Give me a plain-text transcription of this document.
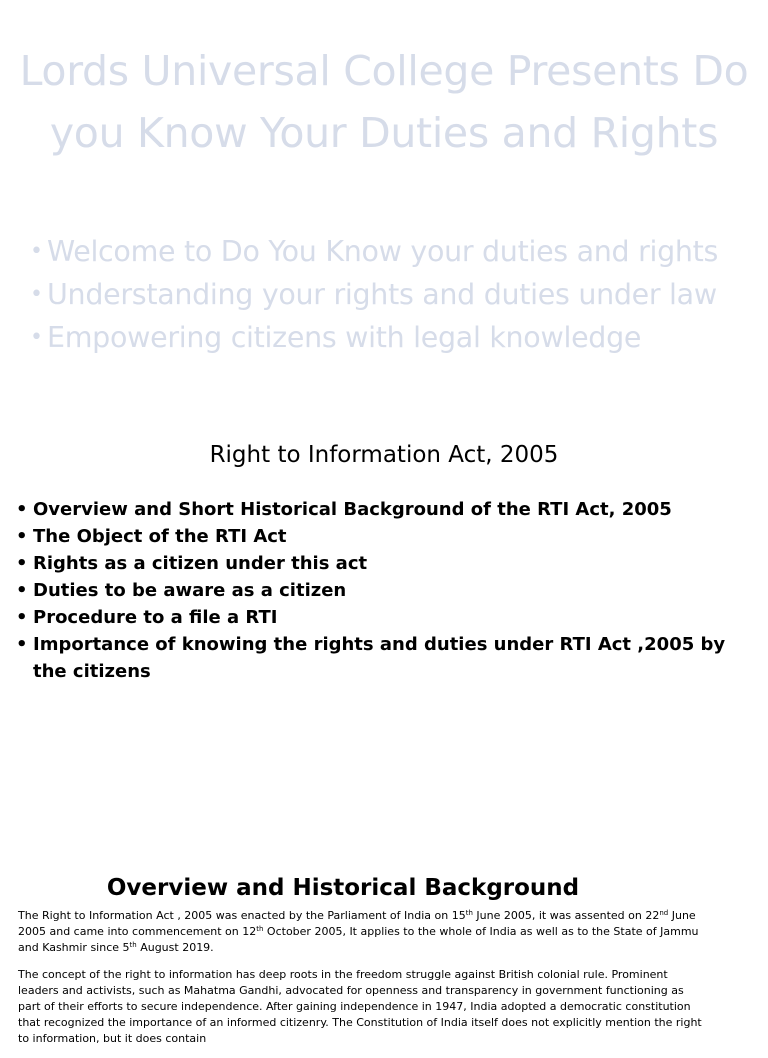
Lords Universal College Presents Do you Know Your Duties and Rights
• Welcome to Do You Know your duties and rights
• Understanding your rights and duties under law
• Empowering citizens with legal knowledge
Right to Information Act, 2005
• Overview and Short Historical Background of the RTI Act, 2005
• The Object of the RTI Act
• Rights as a citizen under this act
• Duties to be aware as a citizen
• Procedure to a file a RTI
• Importance of knowing the rights and duties under RTI Act ,2005 by the citizens
Overview and Historical Background

The Right to Information Act , 2005 was enacted by the Parliament of India on 15th June 2005, it was assented on 22nd June 2005 and came into commencement on 12th October 2005, It applies to the whole of India as well as to the State of Jammu and Kashmir since 5th August 2019.

The concept of the right to information has deep roots in the freedom struggle against British colonial rule. Prominent leaders and activists, such as Mahatma Gandhi, advocated for openness and transparency in government functioning as part of their efforts to secure independence. After gaining independence in 1947, India adopted a democratic constitution that recognized the importance of an informed citizenry. The Constitution of India itself does not explicitly mention the right to information, but it does contain
